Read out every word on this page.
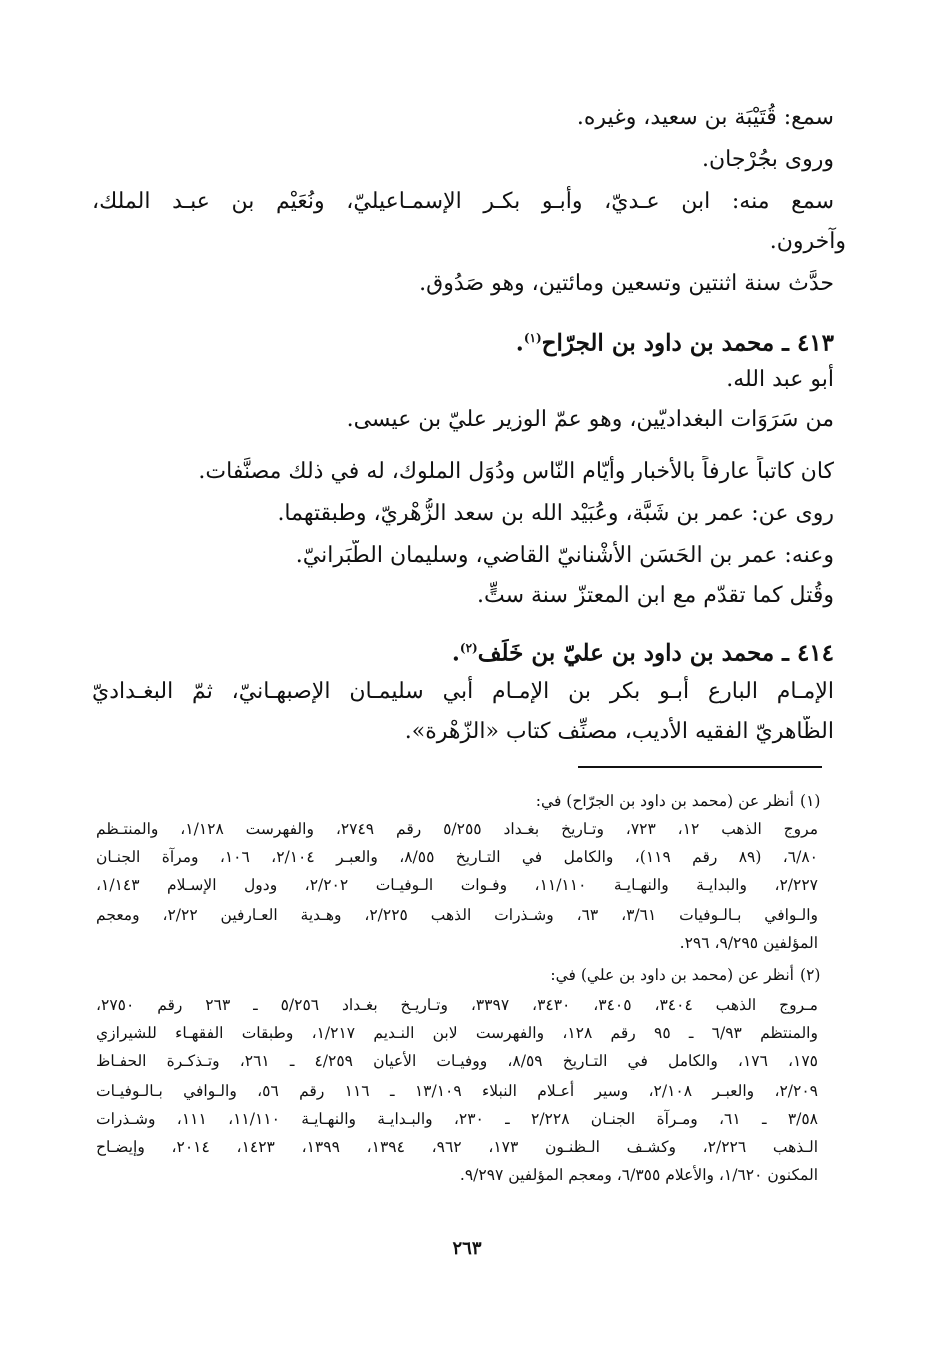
سمع: قُتَيْبَة بن سعيد، وغيره.
وروى بجُرْجان.
سمع منه: ابن عـديّ، وأبـو بكـر الإسمـاعيليّ، ونُعَيْم بن عبـد الملك،
وآخرون.
حدَّث سنة اثنتين وتسعين ومائتين، وهو صَدُوق.
٤١٣ ـ محمد بن داود بن الجرّاح$^{(١)}$.
أبو عبد الله.
من سَرَوَات البغداديّين، وهو عمّ الوزير عليّ بن عيسى.
كان كاتباً عارفاً بالأخبار وأيّام النّاس ودُوَل الملوك، له في ذلك مصنَّفات.
روى عن: عمر بن شَبَّة، وعُبَيْد الله بن سعد الزُّهْريّ، وطبقتهما.
وعنه: عمر بن الحَسَن الأُشْنانيّ القاضي، وسليمان الطَّبَرانيّ.
وقُتل كما تقدّم مع ابن المعتزّ سنة ستٍّ.
٤١٤ ـ محمد بن داود بن عليّ بن خَلَف$^{(٢)}$.
الإمـام البارع أبـو بكر بن الإمـام أبي سليمـان الإصبهـانيّ، ثمّ البغـداديّ
الظّاهريّ الفقيه الأديب، مصنِّف كتاب «الزّهْرة».
(١)
أنظر عن (محمد بن داود بن الجرّاح) في:
مروج الذهب ١٢، ٧٢٣، وتـاريخ بغـداد ٥/٢٥٥ رقم ٢٧٤٩، والفهرست ١/١٢٨، والمنتـظم
٦/٨٠، (٨٩ رقم ١١٩)، والكامل في التـاريخ ٨/٥٥، والعبـر ٢/١٠٤، ١٠٦، ومرآة الجنـان
٢/٢٢٧، والبدايـة والنهـايـة ١١/١١٠، وفـوات الـوفيـات ٢/٢٠٢، ودول الإسـلام ١/١٤٣،
والـوافي بـالـوفيات ٣/٦١، ٦٣، وشـذرات الذهب ٢/٢٢٥، وهـدية العـارفين ٢/٢٢، ومعجم
المؤلفين ٩/٢٩٥، ٢٩٦.
(٢)
أنظر عن (محمد بن داود بن علي) في:
مـروج الذهب ٣٤٠٤، ٣٤٠٥، ٣٤٣٠، ٣٣٩٧، وتـاريـخ بغـداد ٥/٢٥٦ ـ ٢٦٣ رقم ٢٧٥٠،
والمنتظم ٦/٩٣ ـ ٩٥ رقم ١٢٨، والفهرست لابن النـديم ١/٢١٧، وطبقات الفقهـاء للشيرازي
١٧٥، ١٧٦، والكامل في التـاريخ ٨/٥٩، ووفيـات الأعيان ٤/٢٥٩ ـ ٢٦١، وتـذكـرة الحفـاظ
٢/٢٠٩، والعبـر ٢/١٠٨، وسير أعـلام النبلاء ١٣/١٠٩ ـ ١١٦ رقم ٥٦، والـوافي بـالـوفيـات
٣/٥٨ ـ ٦١، ومـرآة الجنـان ٢/٢٢٨ ـ ٢٣٠، والبـدايـة والنهـايـة ١١/١١٠، ١١١، وشـذرات
الـذهب ٢/٢٢٦، وكشـف الـظنـون ١٧٣، ٩٦٢، ١٣٩٤، ١٣٩٩، ١٤٢٣، ٢٠١٤، وإيضـاح
المكنون ١/٦٢٠، والأعلام ٦/٣٥٥، ومعجم المؤلفين ٩/٢٩٧.
٢٦٣
